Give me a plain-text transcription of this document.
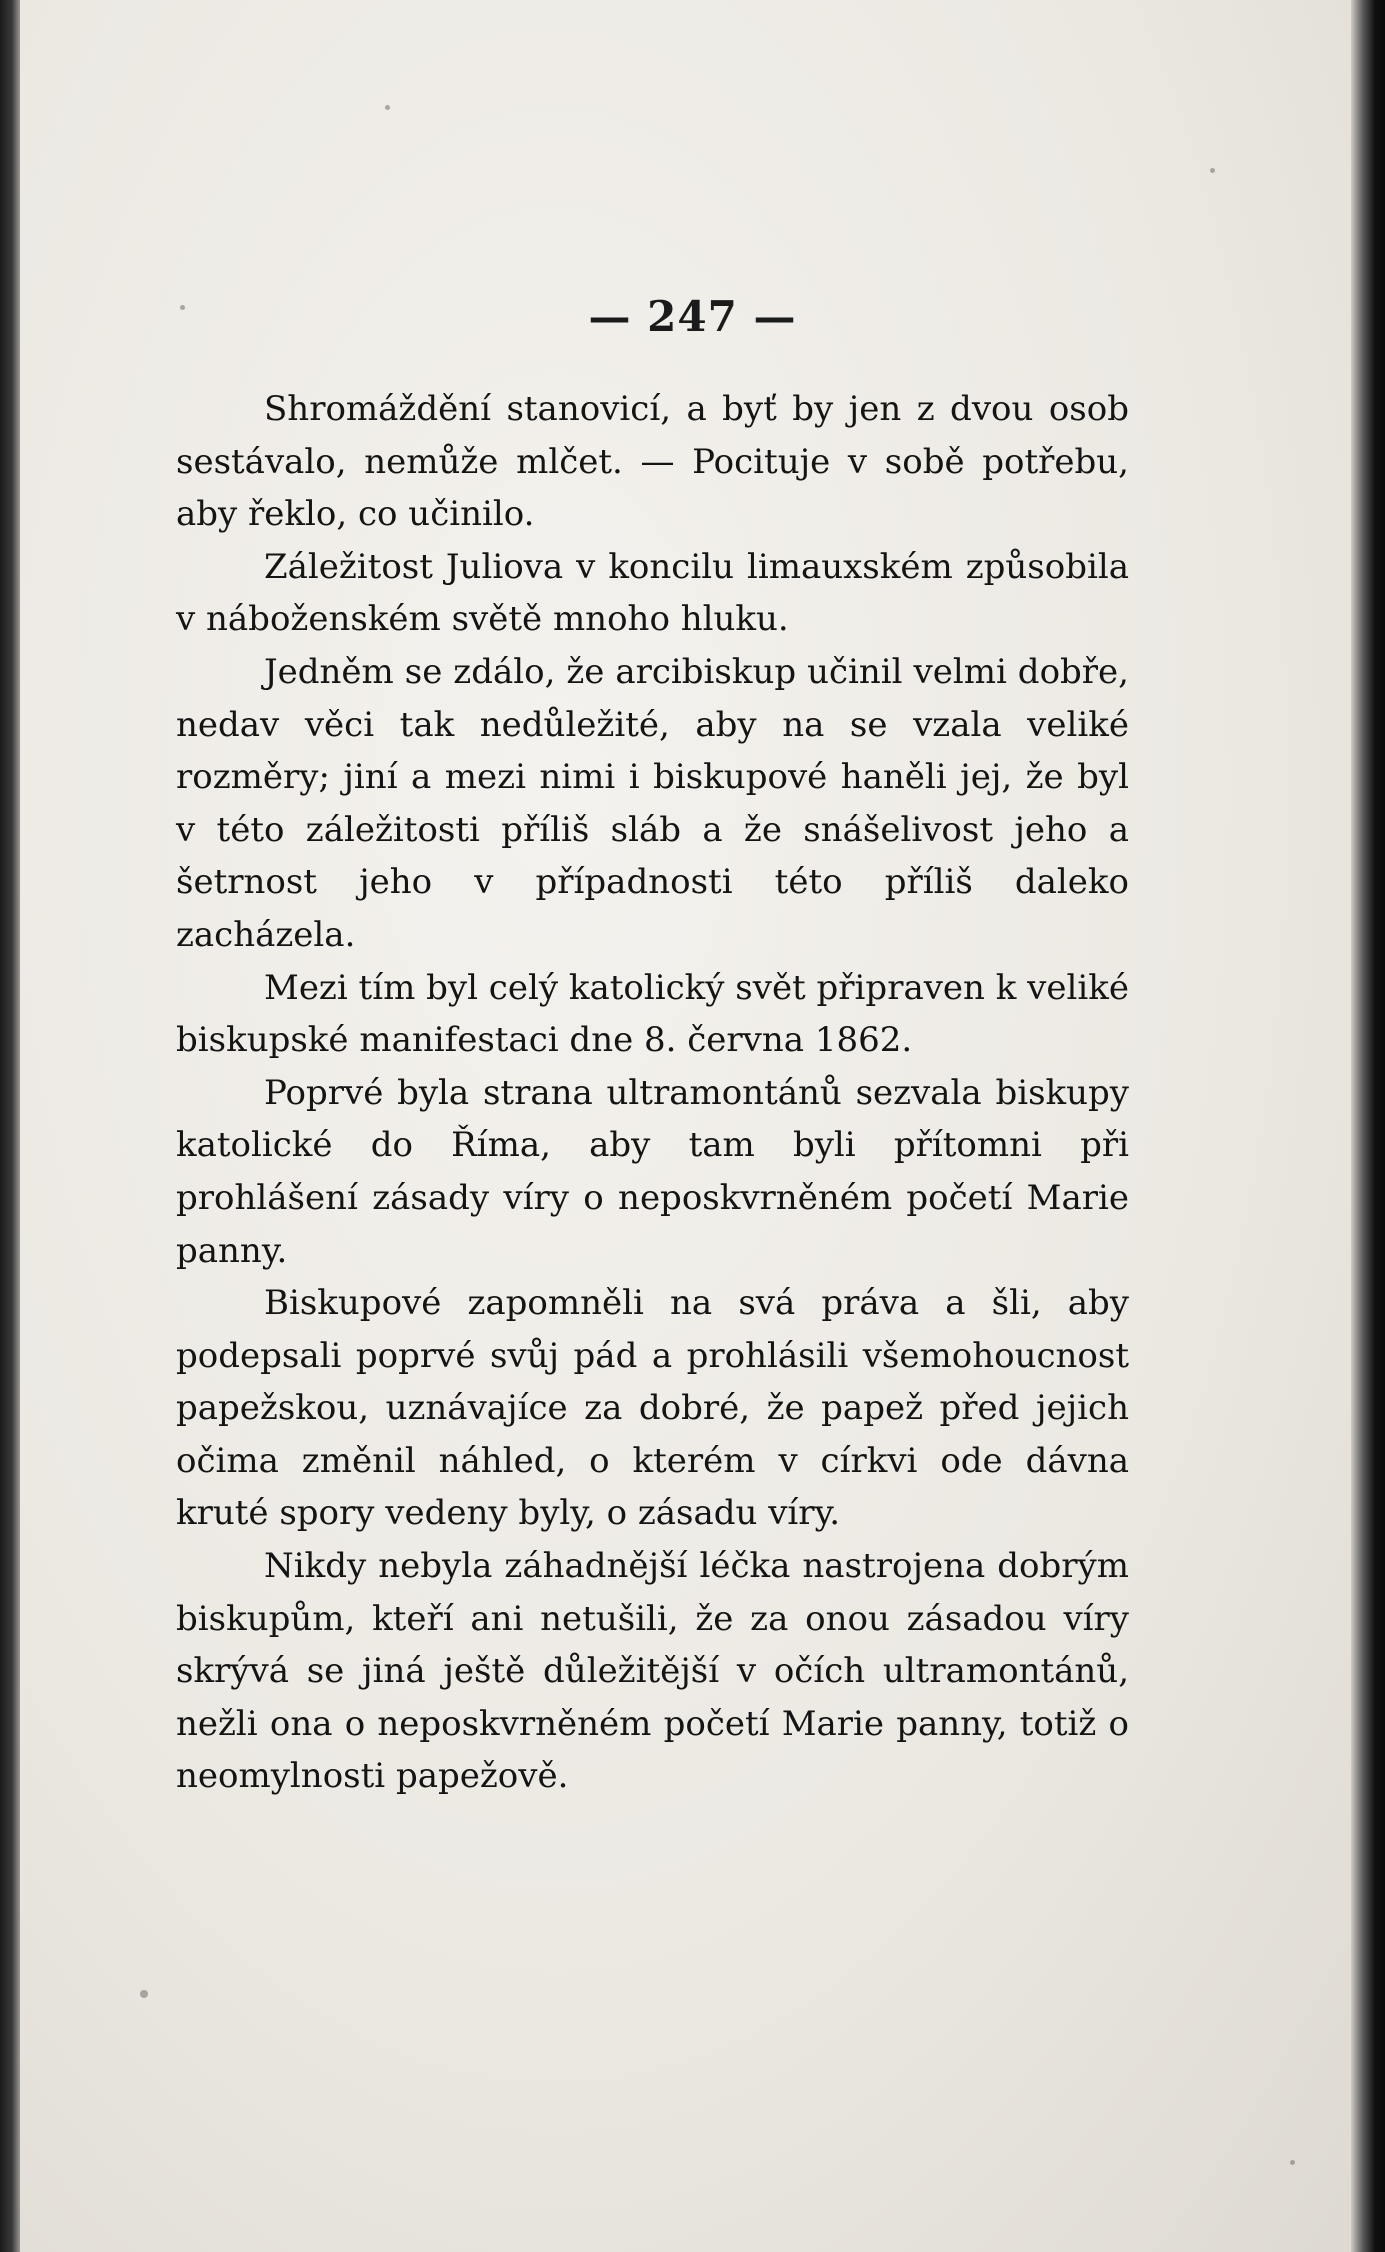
— 247 —

Shromáždění stanovicí, a byť by jen z dvou osob sestávalo, nemůže mlčet. — Pocituje v sobě potřebu, aby řeklo, co učinilo.

Záležitost Juliova v koncilu limauxském způsobila v náboženském světě mnoho hluku.

Jedněm se zdálo, že arcibiskup učinil velmi dobře, nedav věci tak nedůležité, aby na se vzala veliké rozměry; jiní a mezi nimi i biskupové haněli jej, že byl v této záležitosti příliš sláb a že snášelivost jeho a šetrnost jeho v případnosti této příliš daleko zacházela.

Mezi tím byl celý katolický svět připraven k veliké biskupské manifestaci dne 8. června 1862.

Poprvé byla strana ultramontánů sezvala biskupy katolické do Říma, aby tam byli přítomni při prohlášení zásady víry o neposkvrněném početí Marie panny.

Biskupové zapomněli na svá práva a šli, aby podepsali poprvé svůj pád a prohlásili všemohoucnost papežskou, uznávajíce za dobré, že papež před jejich očima změnil náhled, o kterém v církvi ode dávna kruté spory vedeny byly, o zásadu víry.

Nikdy nebyla záhadnější léčka nastrojena dobrým biskupům, kteří ani netušili, že za onou zásadou víry skrývá se jiná ještě důležitější v očích ultramontánů, nežli ona o neposkvrněném početí Marie panny, totiž o neomylnosti papežově.
